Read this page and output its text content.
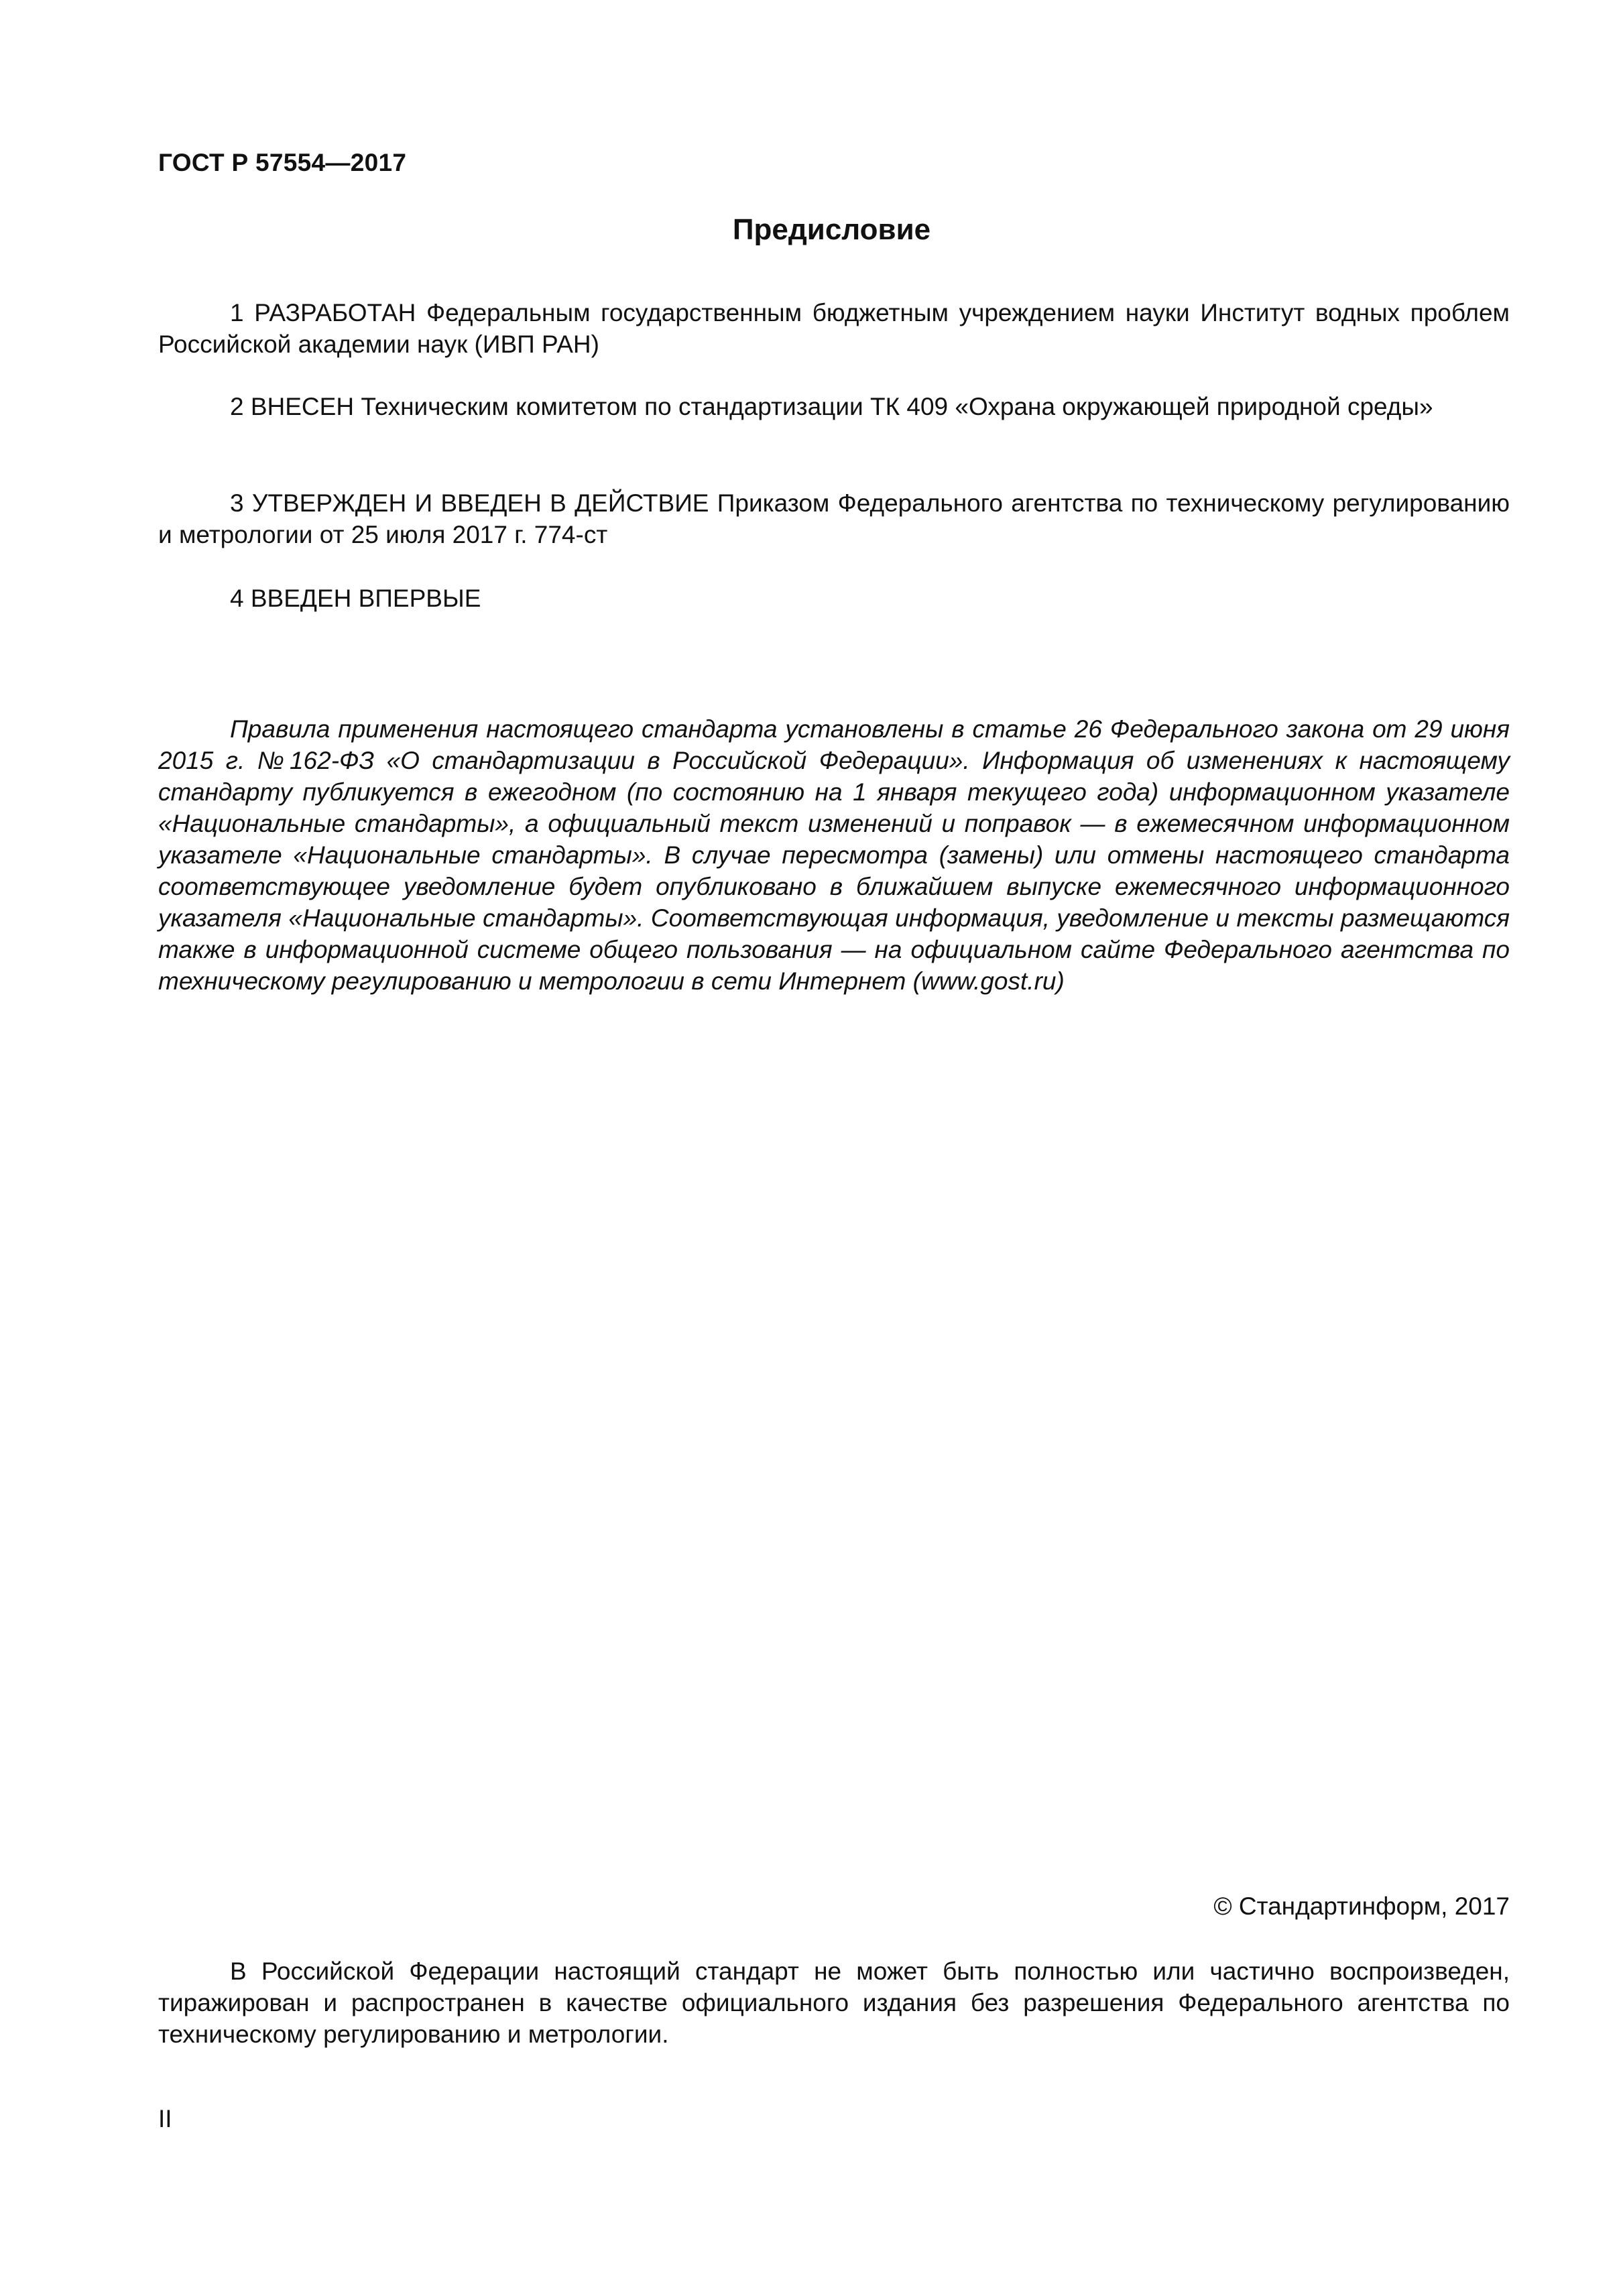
ГОСТ Р 57554—2017
Предисловие

1 РАЗРАБОТАН Федеральным государственным бюджетным учреждением науки Институт водных проблем Российской академии наук (ИВП РАН)

2 ВНЕСЕН Техническим комитетом по стандартизации ТК 409 «Охрана окружающей природной среды»

3 УТВЕРЖДЕН И ВВЕДЕН В ДЕЙСТВИЕ Приказом Федерального агентства по техническому регулированию и метрологии от 25 июля 2017 г. 774-ст

4 ВВЕДЕН ВПЕРВЫЕ

Правила применения настоящего стандарта установлены в статье 26 Федерального закона от 29 июня 2015 г. №162-ФЗ «О стандартизации в Российской Федерации». Информация об изменениях к настоящему стандарту публикуется в ежегодном (по состоянию на 1 января текущего года) информационном указателе «Национальные стандарты», а официальный текст изменений и поправок — в ежемесячном информационном указателе «Национальные стандарты». В случае пересмотра (замены) или отмены настоящего стандарта соответствующее уведомление будет опубликовано в ближайшем выпуске ежемесячного информационного указателя «Национальные стандарты». Соответствующая информация, уведомление и тексты размещаются также в информационной системе общего пользования — на официальном сайте Федерального агентства по техническому регулированию и метрологии в сети Интернет (www.gost.ru)

© Стандартинформ, 2017

В Российской Федерации настоящий стандарт не может быть полностью или частично воспроизведен, тиражирован и распространен в качестве официального издания без разрешения Федерального агентства по техническому регулированию и метрологии.

II
